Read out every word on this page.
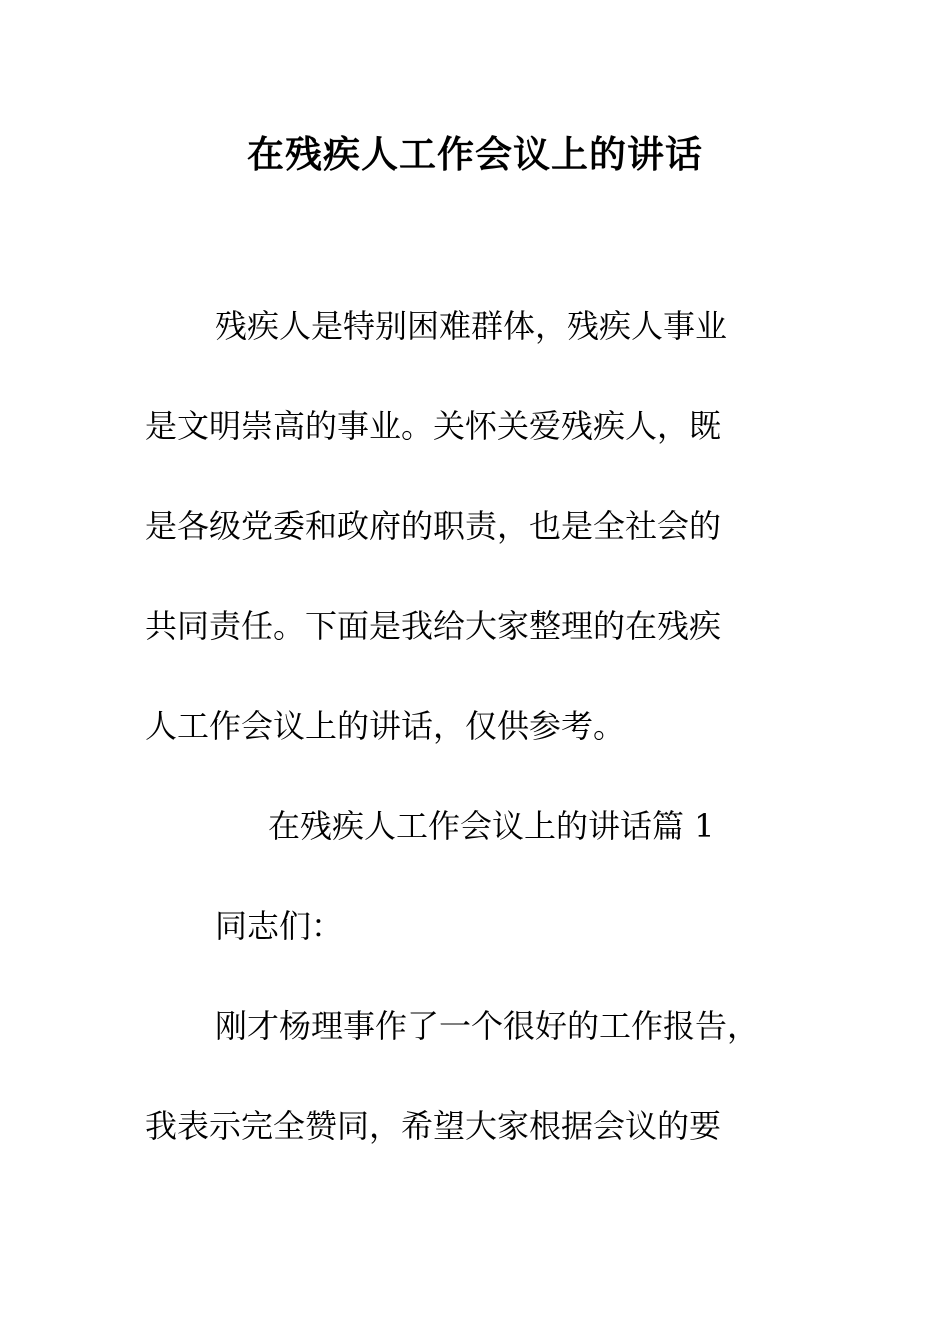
在残疾人工作会议上的讲话
残疾人是特别困难群体，残疾人事业
是文明崇高的事业。关怀关爱残疾人，既
是各级党委和政府的职责，也是全社会的
共同责任。下面是我给大家整理的在残疾
人工作会议上的讲话，仅供参考。
在残疾人工作会议上的讲话篇 1
同志们：
刚才杨理事作了一个很好的工作报告，
我表示完全赞同，希望大家根据会议的要
